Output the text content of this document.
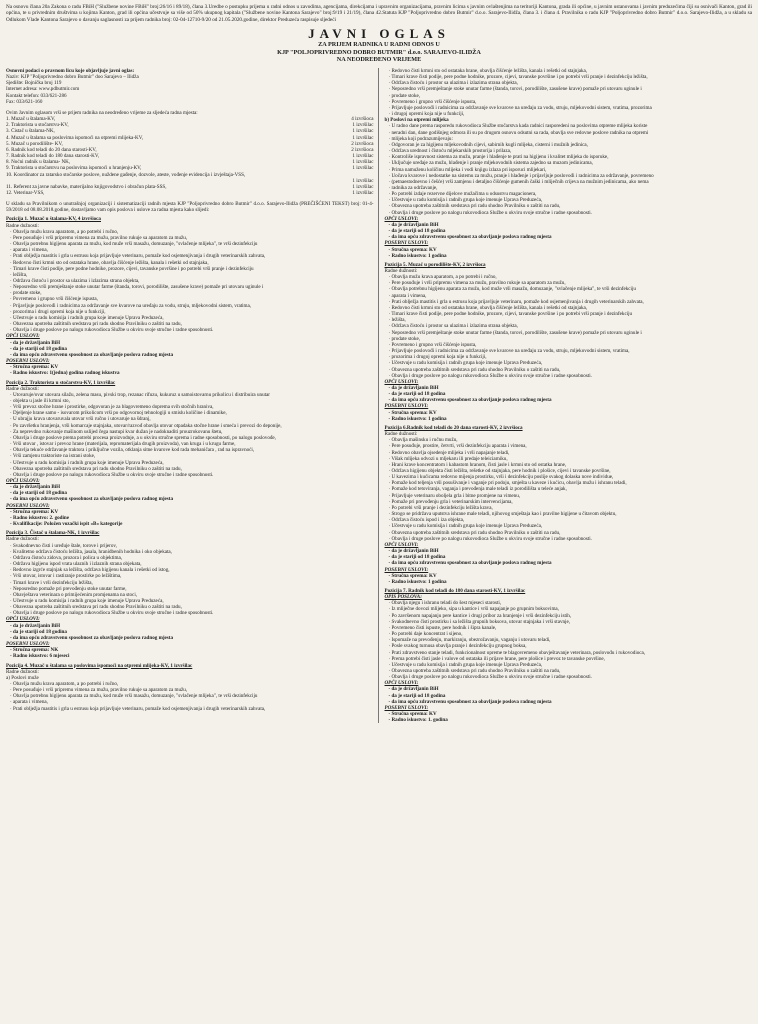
Na osnovu člana 20a Zakona o radu FBiH ("Službene novine FBiH" broj:26/16 i 89/18), člana 3.Uredbe o postupku prijema u radni odnos u zavodima, agencijama, direkcijama i upravnim organizacijama, pravnim licima s javnim ovlaštenjima na teritoriji Kantona, grada ili općine, u javnim ustanovama i javnim preduzećima čiji su osnivači Kanton, grad ili općina, te u privrednim društvima u kojima Kanton, grad ili općina učestvuje sa više od 50% ukupnog kapitala ("Službene novine Kantona Sarajevo" broj:9/19 i 21/19), člana 42.Statuta KJP "Poljoprivredno dobro Butmir" d.o.o. Sarajevo-Ilidža, člana 3. i člana 4. Pravilnika o radu KJP "Poljoprivredno dobro Butmir" d.o.o. Sarajevo-Ilidža, a u skladu sa Odlukom Vlade Kantona Sarajevo o davanju saglasnosti za prijem radnika broj: 02-04-12710-9/20 od 21.05.2020.godine, direktor Preduzeća raspisuje sljedeći
JAVNI OGLAS
ZA PRIJEM RADNIKA U RADNI ODNOS U
KJP "POLJOPRIVREDNO DOBRO BUTMIR" d.o.o. SARAJEVO-ILIDŽA
NA NEODREĐENO VRIJEME
Osnovni podaci o pravnom licu koje objavljuje javni oglas:
Naziv: KJP "Poljoprivredno dobro Butmir" doo Sarajevo – Ilidža
Sjedište: Bojnička broj 119
Internet adresa: www.pdbutmir.com
Kontakt telefon: 033/621-286
Fax: 033/621-160
Ovim Javnim oglasom vrši se prijem radnika na neodređeno vrijeme za sljedeća radna mjesta:
1. Muzač u štalama-KV,	4 izvršioca
2. Traktorista u stočarstvu-KV,	1 izvršilac
3. Čistač u štalama-NK,	1 izvršilac
4. Muzač u štalama sa poslovima ispomoći na otpremi mlijeka-KV,	1 izvršilac
5. Muzač u porodilište- KV,	2 izvršioca
6. Radnik kod teladi do 20 dana starosti-KV,	2 izvršioca
7. Radnik kod teladi do 180 dana starosti-KV,	1 izvršilac
8. Noćni radnik u štalama- NK,	1 izvršilac
9. Traktorista u stočarstvu na poslovima ispomoći u hranjenju-KV,	1 izvršilac
10. Koordinator za ratarsko stočarske poslove, nuždene gađenje, dozvole, ateste, vođenje evidencija i izvještaja-VSS,
1 izvršilac
11. Referent za javne nabavke, materijalno knjigovodstvo i obračun plata-SSS,	1 izvršilac
12. Veterinar-VSS,	1 izvršilac
U skladu sa Pravilnikom o unutrašnjoj organizaciji i sistematizaciji radnih mjesta KJP "Poljoprivredno dobro Butmir" d.o.o. Sarajevo-Ilidža (PREČIŠĆENI TEKST) broj: 01-4-59/2018 od 08.08.2018.godine, dostavljamo vam opis poslova i uslove za radna mjesta kako slijedi:
Pozicija 1. Muzač u štalama-KV, 4 izvršioca
Radne dužnosti:
· Obavlja mužu krava aparatom, a po potrebi i ručno,
· Pere posuđuje i vrši pripremu vimena za mužu, pravilno rukuje sa aparatom za mužu,
· Obavlja potrebnu higijenu aparata za mužu, kod muže vrši masažu, domuzanje, "svlačenje mlijeka", te vrši dezinfekciju
· aparata i vimena,
· Prati oblježja mastitis i grla u estrusu koja prijavljuje veterinaru, pomaže kod osjemenjivanja i drugih veterinarskih zahvata,
· Redovno čisti krmni sto od ostataka hrane, obavlja čišćenje ležišta, kanala i rešetki od stajnjaka,
· Timari krave čisti podije, pere podne hodnike, prozore, cijevi, tavanske površine i po potrebi vrši pranje i dezinfekciju
· ležišta,
· Održava čistoću i prostor sa ulazima i izlazima strana objekta,
· Neposredno vrši premještanje stoke unutar farme (štanda, torovi, porodilište, zasušene krave) pomaže pri utovaru uginule i
· prodate stoke,
· Povremeno i grupno vrši čišćenje ispusta,
· Prijavljuje poslovođi i radnicima za održavanje sve kvarove na uređaju za vodu, struju, mljekovodni sistem, vratima,
· prozorima i drugi opremi koja nije u funkciji,
· Učestvuje u radu komisija i radnih grupa koje imenuje Uprava Preduzeća,
· Obavezna upotreba zaštitnih sredstava pri radu shodno Pravilniku o zaštiti na radu,
· Obavlja i druge poslove po nalogu rukovodioca Službe u okviru svoje stručne i radne sposobnosti.
OPĆI USLOVI:
- da je državljanin BiH
- da je stariji od 18 godina
- da ima opću zdravstvenu sposobnost za obavljanje poslova radnog mjesta
POSEBNI USLOVI:
- Stručna sprema: KV
- Radno iskustvo: 1(jedna) godina radnog iskustva
Pozicija 2. Traktorista u stočarstvu-KV, 1 izvršilac
Radne dužnosti:
· Utovaruje/ovar utovara silažu, zelena masu, pivski trop, rezanac rifuzu, kukuruz u samoistovarnu prikolicu i distribuira unutar
· objekta u jasle ili krmni sto,
· Vrši prevoz stočne hrane i prostirke, odgovoran je za blagovremeno doprema svih stočnih hraniva,
· Djeljenje hrane samo - isovarom prikolicom vrši po odgovornoj tehnologiji u smislu količine i dinamike,
· U ubrajju krava utovaruvala utovar vrši ručno i utovaruje na šdranj,
· Po završetku hranjenja, vrši komarcaje stajnjaka, utovar/razvođ obavlja utovar otpadaka stočne hrane i smeća i prevozi do deponije,
· Za neprevdno rukovanje mašinom uslijed čega nastupi kvar dužan je nadoknaditi prouzrokovanu štetu,
· Obavlja i druge poslove prema potrebi procesa proizvodnje, a u okviru stručne sprema i radne sposobnosti, po nalogu poslovođe,
· Vrši utovar , istovar i prevoz hrane (materijala, repromaterijala drugih proizvoda), van kruga i u krugu farme,
· Obavlja tekuće održavanje traktora i priključne vozila, otklanja sitne kvarove kod rada mehaničara , rad na ispravnoći,
· Vrši zamjenu traktoriste na istrani stoke,
· Učestvuje u radu komisija i radnih grupa koje imenuje Uprava Preduzeća,
· Obavezna upotreba zaštitnih sredstava pri radu shodno Pravilniku o zaštiti na radu,
· Obavlja i druge poslove po nalogu rukovodioca Službe u okviru svoje stručne i radne sposobnosti.
OPĆI USLOVI:
- da je državljanin BiH
- da je stariji od 18 godina
- da ima opću zdravstvenu sposobnost za obavljanje poslova radnog mjesta
POSEBNI USLOVI:
- Stručna sprema: KV
- Radno iskustvo: 2. godine
- Kvalifikacije: Položen vozački ispit «B» kategorije
Pozicija 3. Čistač u štalama-NK, 1 izvršilac
Radne dužnosti:
· Svakodnevno čisti i uređuje štale, torove i prijerov,
· Kvalitetno održava čistoću ležišta, jasala, hranidbenih hodnika i oko objekata,
· Održava čistoću zidova, prozora i polica u objektima,
· Održava higijenu ispod vrata ulaznih i izlaznih strana objekata,
· Redovno izgrće stajnjak sa ležišta, održava higijenu kanala i rešetki od istog,
· Vrši utovar, istovar i rastiranje prostirke po ležištima,
· Timari krave i vrši dezinfekciju ležišta,
· Neposredno pomaže pri prevođenju stoke unutar farme,
· Obavještava veterinara o primijećenim promjenama na stoci,
· Učestvuje u radu komisija i radnih grupa koje imenuje Uprava Preduzeća,
· Obavezna upotreba zaštitnih sredstava pri radu shodno Pravilniku o zaštiti na radu,
· Obavlja i druge poslove po nalogu rukovodioca Službe u okviru svoje stručne i radne sposobnosti.
OPĆI USLOVI:
- da je državljanin BiH
- da je stariji od 18 godina
- da ima opću zdravstvenu sposobnost za obavljanje poslova radnog mjesta
POSEBNI USLOVI:
- Stručna sprema: NK
- Radno iskustvo: 6 mjeseci
Pozicija 4. Muzač u štalama sa poslovima ispomoći na otpremi mlijeka-KV, 1 izvršilac
Radne dužnosti:
a) Poslovi muže
· Obavlja mužu krava aparatom, a po potrebi i ručno,
· Pere posuđuje i vrši pripremu vimena za mužu, pravilno rukuje sa aparatom za mužu,
· Obavlja potrebnu higijenu aparata za mužu, kod muže vrši masažu, domuzanje, "svlačenje mlijeka", te vrši dezinfekciju
· aparata i vimena,
· Prati oblježja mastitis i grla u estrusu koja prijavljuje veterinaru, pomaže kod osjemenjivanja i drugih veterinarskih zahvata,
· Redovno čisti krmni sto od ostataka hrane, obavlja čišćenje ležišta, kanala i rešetki od stajnjaka,
· Timari krave čisti podije, pere podne hodnike, prozore, cijevi, tavanske površine i po potrebi vrši pranje i dezinfekciju ležišta,
· Održava čistoću i prostor sa ulazima i izlazima strana objekta,
· Neposredno vrši premještanje stoke unutar farme (štanda, torovi, porodilište, zasušene krave) pomaže pri utovaru uginule i
· prodate stoke,
· Povremeno i grupno vrši čišćenje ispusta,
· Prijavljuje poslovođi i radnicima za održavanje sve kvarove na uređaju za vodu, struju, mljekovodni sistem, vratima, prozorima
· i drugoj opremi koja nije u funkciji,
b) Poslovi na otpremi mlijeka
· U radno dane prema rasporedu rukovodioca Službe stočarstva kada radnici rasporedeni na poslovima otpreme mlijeka koriste
· neradni dan, dane godišnjeg odmora ili su po drugom osnovu odsutni sa rada, obavlja sve redovne poslove radnika na otpremi
· mlijeka koji podrazumijevaju:
· Odgovoran je za higijenu mljekovodnih cijevi, sabirnih kugli mlijeka, cisterni i mužnih jedinica,
· Održava urednost i čistoću mljekarskih prostorija i prilaza,
· Kontroliše ispravnost sistema za mužu, pranje i hlađenje te prati na higijenu i kvalitet mlijeka do isporuke,
· Uključuje uređaje za mužu, hlađenje i pranje mljekovodnih sistema zajedno sa muzom jedinicama,
· Prima namuženu količinu mlijeka i vodi knjigu izlaza pri isporuci mlijekari,
· Uočava kvarove i nedostatke na sistemu za mužu, pranje i hlađenje i prijavljuje poslovođi i radnicima za održavanje, povremeno
· (petnaestodnevno i češće) vrši zamjenu i detaljno čišćenje gumenih čaški i mliječnih crijeva na mužnim jedinicama, ako nema
· radnika za održavanje,
· Po potrebi izdaje rezervne dijelove mužačima u odsustvu magacionera,
· Učestvuje u radu komisija i radnih grupa koje imenuje Uprava Preduzeća,
· Obavezna upotreba zaštitnih sredstava pri radu shodno Pravilniku o zaštiti na radu,
· Obavlja i druge poslove po nalogu rukovodioca Službe u okviru svoje stručne i radne sposobnosti.
OPĆI USLOVI:
- da je državljanin BiH
- da je stariji od 18 godina
- da ima opću zdravstvenu sposobnost za obavljanje poslova radnog mjesta
POSEBNI USLOVI:
- Stručna sprema: KV
- Radno iskustvo: 1 godina
Pozicija 5. Muzač u porodilište-KV, 2 izvršioca
Radne dužnosti:
· Obavlja mužu krava aparatom, a po potrebi i ručno,
· Pere posuđuje i vrši pripremu vimena za mužu, pravilno rukuje sa aparatom za mužu,
· Obavlja potrebnu higijenu aparata za mužu, kod muže vrši masažu, domuzanje, "svlačenje mlijeka", te vrši dezinfekciju
· aparata i vimena,
· Prati oblježja mastitis i grla u estrusu koja prijavljuje veterinaru, pomaže kod osjemenjivanja i drugih veterinarskih zahvata,
· Redovno čisti krmni sto od ostataka hrane, obavlja čišćenje ležišta, kanala i rešetki od stajnjaka,
· Timari krave čisti podije, pere podne hodnike, prozore, cijevi, tavanske površine i po potrebi vrši pranje i dezinfekciju
· ležišta,
· Održava čistoću i prostor sa ulazima i izlazima strana objekta,
· Neposredno vrši premještanje stoke unutar farme (štanda, torovi, porodilište, zasušene krave) pomaže pri utovaru uginule i
· prodate stoke,
· Povremeno i grupno vrši čišćenje ispusta,
· Prijavljuje poslovođi i radnicima za održavanje sve kvarove na uređaju za vodu, struju, mljekovodni sistem, vratima,
· prozorima i drugoj opremi koja nije u funkciji,
· Učestvuje u radu komisija i radnih grupa koje imenuje Uprava Preduzeća,
· Obavezna upotreba zaštitnih sredstava pri radu shodno Pravilniku o zaštiti na radu,
· Obavlja i druge poslove po nalogu rukovodioca Službe u okviru svoje stručne i radne sposobnosti.
OPĆI USLOVI:
- da je državljanin BiH
- da je stariji od 18 godina
- da ima opću zdravstvenu sposobnost za obavljanje poslova radnog mjesta
POSEBNI USLOVI:
- Stručna sprema: KV
- Radno iskustvo: 1 godina
Pozicija 6.Radnik kod teladi do 20 dana starosti-KV, 2 izvršioca
Radne dužnosti:
· Obavlja mašinsku i ručnu mužu,
· Pere posuđuje, prostire, četvrti, vrši dezinfekciju aparata i vimena,
· Redovno obavlja ojsedenje mlijeka i vrši napajanje teladi,
· Višak mlijeka odvozi u mljekaru ili predaje teleiciarniku,
· Hrani krave koncentratom i kabastom hranom, čisti jasle i krmni sto od ostatka hrane,
· Održava higijenu objekta čisti ležišta, rešetke od stajnjaka, pere hodnik i plošice, cijevi i tavanske površine,
· U kavezima i kućicama redovno mijenja prostirku, vrši i dezinfekciju poslije svakog dolaska nove individue,
· Pomaže kod teljenja vrši posušivanje i vaganje pri podoju, smješta u kaveze i kućicu, obavlja mužu i ishranu teladi,
· Pomaže kod tetoviranja, vaganja i prevođenja male teladi iz porodilišta u teleće anjak,
· Prijavljuje veterinaru oboljela grla i bitne promjene na vimenu,
· Pomaže pri prevođenju grla i veterinarskim intervencijama,
· Po potrebi vrši pranje i dezinfekciju ležišta krava,
· Strogo se pridržava uputstva ishrane male teladi, njihovog smještaja kao i pravilne higijene u čitavom objektu,
· Održava čistoću ispod i iza objekta,
· Učestvuje u radu komisija i radnih grupa koje imenuje Uprava Preduzeća,
· Obavezna upotreba zaštitnih sredstava pri radu shodno Pravilniku o zaštiti na radu,
· Obavlja i druge poslove po nalogu rukovodioca Službe u okviru svoje stručne i radne sposobnosti.
OPĆI USLOVI:
- da je državljanin BiH
- da je stariji od 18 godina
- da ima opću zdravstvenu sposobnost za obavljanje poslova radnog mjesta
POSEBNI USLOVI:
- Stručna sprema: KV
- Radno iskustvo: 1 godina
Pozicija 7. Radnik kod teladi do 180 dana starosti-KV, 1 izvršilac
OPIS POSLOVA:
· Obavlja njegu i ishranu teladi do šest mjeseci starosti,
· Iz mliječne dovozi mlijeko, sipa u kantice i vrši napajanje po grupnim boksovima,
· Po završenom napajanju pere kantice i drugi pribor za hranjenje i vrši dezinfekciju istih,
· Svakodnevno čisti prostirku i sa ležišta grupnih boksova, utovar stajnjaka i vrši stavnje,
· Povremeno čisti ispuste, pere hodnik i šipra kanale,
· Po potrebi daje koncentrat i sijeno,
· Ispomaže na prevođenju, markiranju, obezrožavanju, vaganju i utovaru teladi,
· Posle svakog turnusa obavlja pranje i dezinfekciju grupnog boksa,
· Prati zdravstveno stanje teladi, funkcionalnost opreme te blagovremeno obavještavanje veterinara, poslovođu i rukovodioca,
· Prema potrebi čisti jasle i valove od ostataka ili prijave hrane, pere plošice i prevoz te tavanske površine,
· Učestvuje u radu komisija i radnih grupa koje imenuje Uprava Preduzeća,
· Obavezna upotreba zaštitnih sredstava pri radu shodno Pravilniku o zaštiti na radu,
· Obavlja i druge poslove po nalogu rukovodioca Službe u okviru svoje stručne i radne sposobnosti.
OPĆI USLOVI:
- da je državljanin BiH
- da je stariji od 18 godina
- da ima opću zdravstvenu sposobnost za obavljanje poslova radnog mjesta
POSEBNI USLOVI:
- Stručna sprema: KV
- Radno iskustvo: 1. godina
